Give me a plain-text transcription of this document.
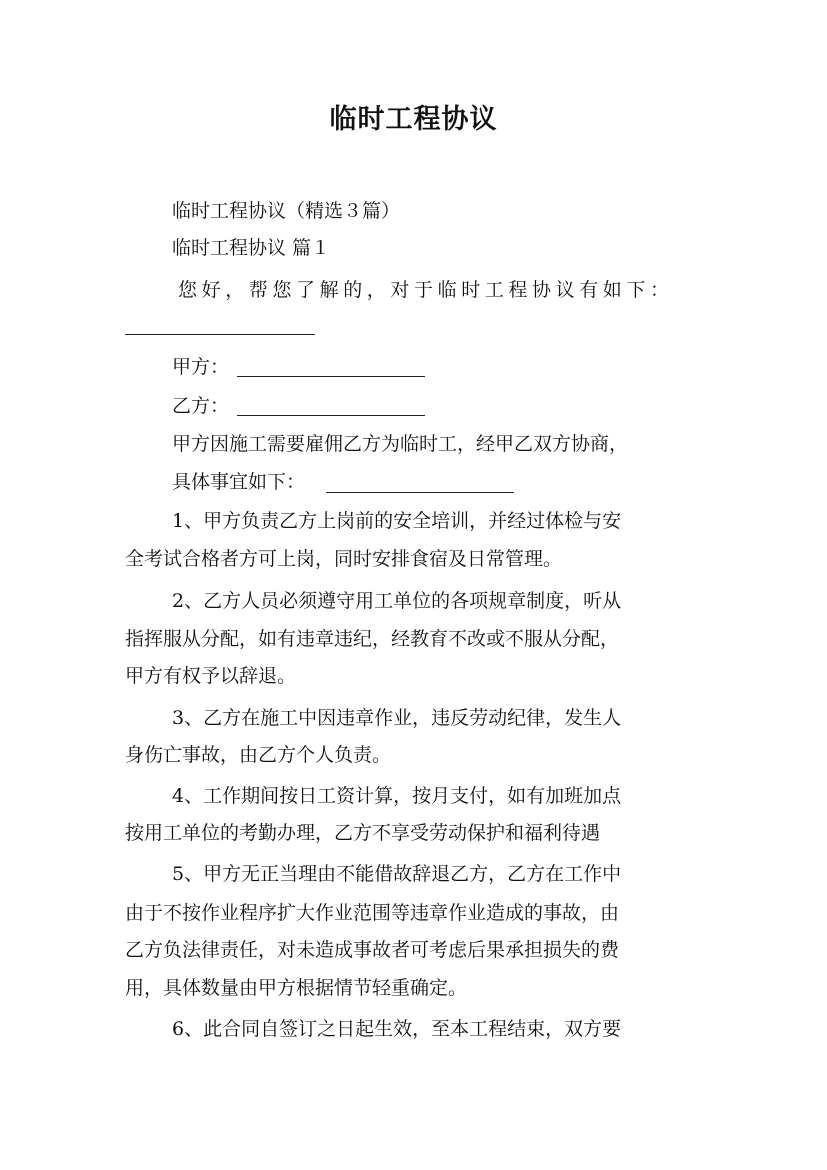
临时工程协议

临时工程协议（精选３篇）

临时工程协议 篇１

您好，帮您了解的，对于临时工程协议有如下：

甲方：
乙方：

甲方因施工需要雇佣乙方为临时工，经甲乙双方协商，

具体事宜如下：

1、甲方负责乙方上岗前的安全培训，并经过体检与安
全考试合格者方可上岗，同时安排食宿及日常管理。
2、乙方人员必须遵守用工单位的各项规章制度，听从
指挥服从分配，如有违章违纪，经教育不改或不服从分配，
甲方有权予以辞退。
3、乙方在施工中因违章作业，违反劳动纪律，发生人
身伤亡事故，由乙方个人负责。
4、工作期间按日工资计算，按月支付，如有加班加点
按用工单位的考勤办理，乙方不享受劳动保护和福利待遇
5、甲方无正当理由不能借故辞退乙方，乙方在工作中
由于不按作业程序扩大作业范围等违章作业造成的事故，由
乙方负法律责任，对未造成事故者可考虑后果承担损失的费
用，具体数量由甲方根据情节轻重确定。
6、此合同自签订之日起生效，至本工程结束，双方要
